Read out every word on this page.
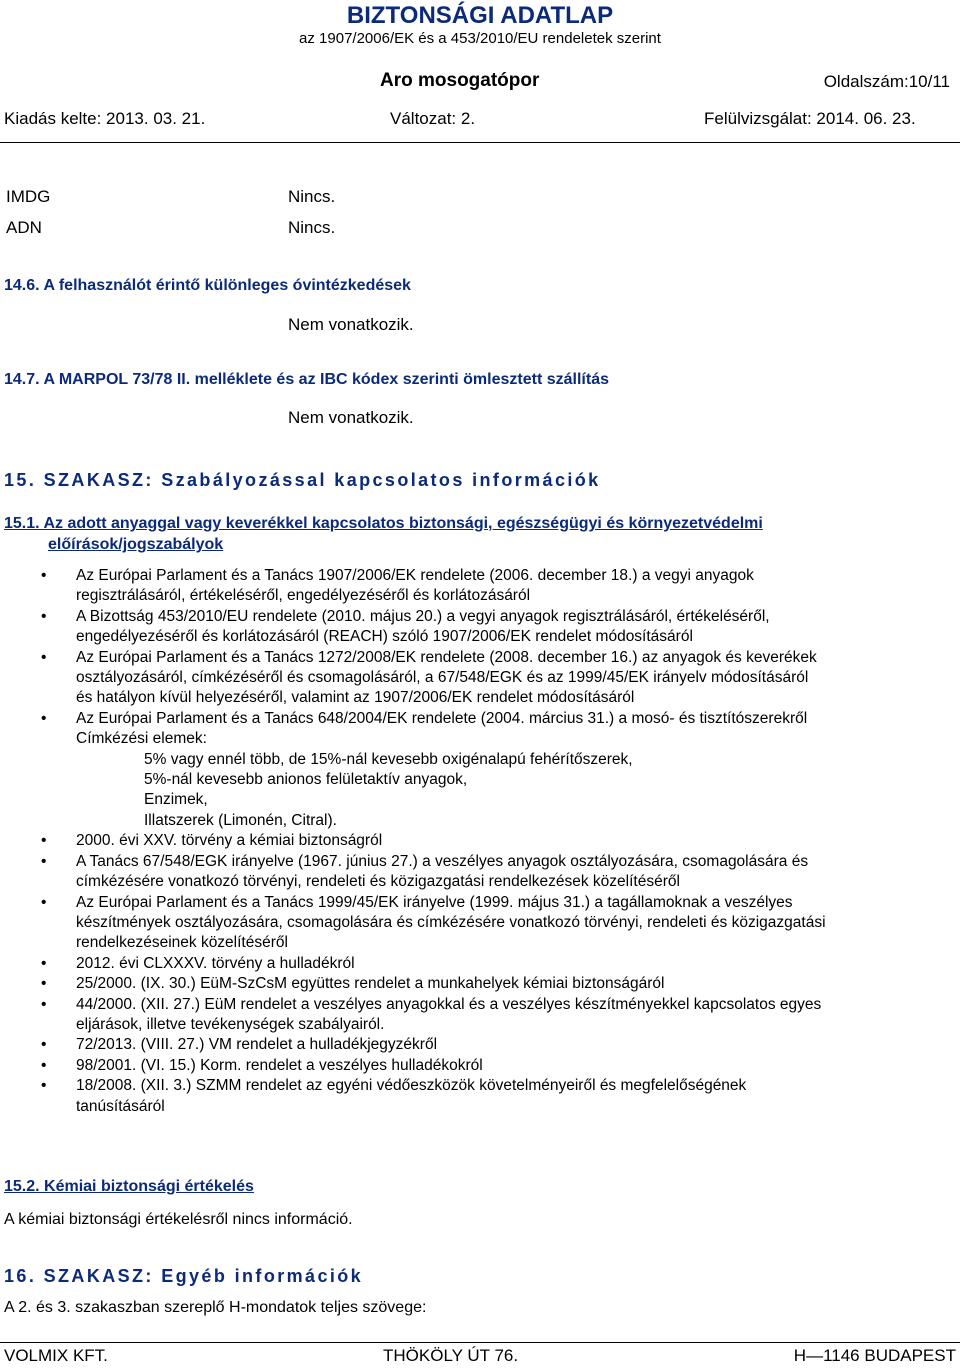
BIZTONSÁGI ADATLAP
az 1907/2006/EK és a 453/2010/EU rendeletek szerint
Aro mosogatópor	Oldalszám:10/11
Kiadás kelte: 2013. 03. 21.	Változat: 2.	Felülvizsgálat: 2014. 06. 23.
IMDG	Nincs.
ADN	Nincs.
14.6. A felhasználót érintő különleges óvintézkedések
Nem vonatkozik.
14.7. A MARPOL 73/78 II. melléklete és az IBC kódex szerinti ömlesztett szállítás
Nem vonatkozik.
15. SZAKASZ: Szabályozással kapcsolatos információk
15.1. Az adott anyaggal vagy keverékkel kapcsolatos biztonsági, egészségügyi és környezetvédelmi
előírások/jogszabályok
• Az Európai Parlament és a Tanács 1907/2006/EK rendelete (2006. december 18.) a vegyi anyagok
regisztrálásáról, értékeléséről, engedélyezéséről és korlátozásáról
• A Bizottság 453/2010/EU rendelete (2010. május 20.) a vegyi anyagok regisztrálásáról, értékeléséről,
engedélyezéséről és korlátozásáról (REACH) szóló 1907/2006/EK rendelet módosításáról
• Az Európai Parlament és a Tanács 1272/2008/EK rendelete (2008. december 16.) az anyagok és keverékek
osztályozásáról, címkézéséről és csomagolásáról, a 67/548/EGK és az 1999/45/EK irányelv módosításáról
és hatályon kívül helyezéséről, valamint az 1907/2006/EK rendelet módosításáról
• Az Európai Parlament és a Tanács 648/2004/EK rendelete (2004. március 31.) a mosó- és tisztítószerekről
Címkézési elemek:
5% vagy ennél több, de 15%-nál kevesebb oxigénalapú fehérítőszerek,
5%-nál kevesebb anionos felületaktív anyagok,
Enzimek,
Illatszerek (Limonén, Citral).
• 2000. évi XXV. törvény a kémiai biztonságról
• A Tanács 67/548/EGK irányelve (1967. június 27.) a veszélyes anyagok osztályozására, csomagolására és
címkézésére vonatkozó törvényi, rendeleti és közigazgatási rendelkezések közelítéséről
• Az Európai Parlament és a Tanács 1999/45/EK irányelve (1999. május 31.) a tagállamoknak a veszélyes
készítmények osztályozására, csomagolására és címkézésére vonatkozó törvényi, rendeleti és közigazgatási
rendelkezéseinek közelítéséről
• 2012. évi CLXXXV. törvény a hulladékról
• 25/2000. (IX. 30.) EüM-SzCsM együttes rendelet a munkahelyek kémiai biztonságáról
• 44/2000. (XII. 27.) EüM rendelet a veszélyes anyagokkal és a veszélyes készítményekkel kapcsolatos egyes
eljárások, illetve tevékenységek szabályairól.
• 72/2013. (VIII. 27.) VM rendelet a hulladékjegyzékről
• 98/2001. (VI. 15.) Korm. rendelet a veszélyes hulladékokról
• 18/2008. (XII. 3.) SZMM rendelet az egyéni védőeszközök követelményeiről és megfelelőségének
tanúsításáról
15.2. Kémiai biztonsági értékelés
A kémiai biztonsági értékelésről nincs információ.
16. SZAKASZ: Egyéb információk
A 2. és 3. szakaszban szereplő H-mondatok teljes szövege:
VOLMIX KFT.	THÖKÖLY ÚT 76.	H—1146 BUDAPEST
